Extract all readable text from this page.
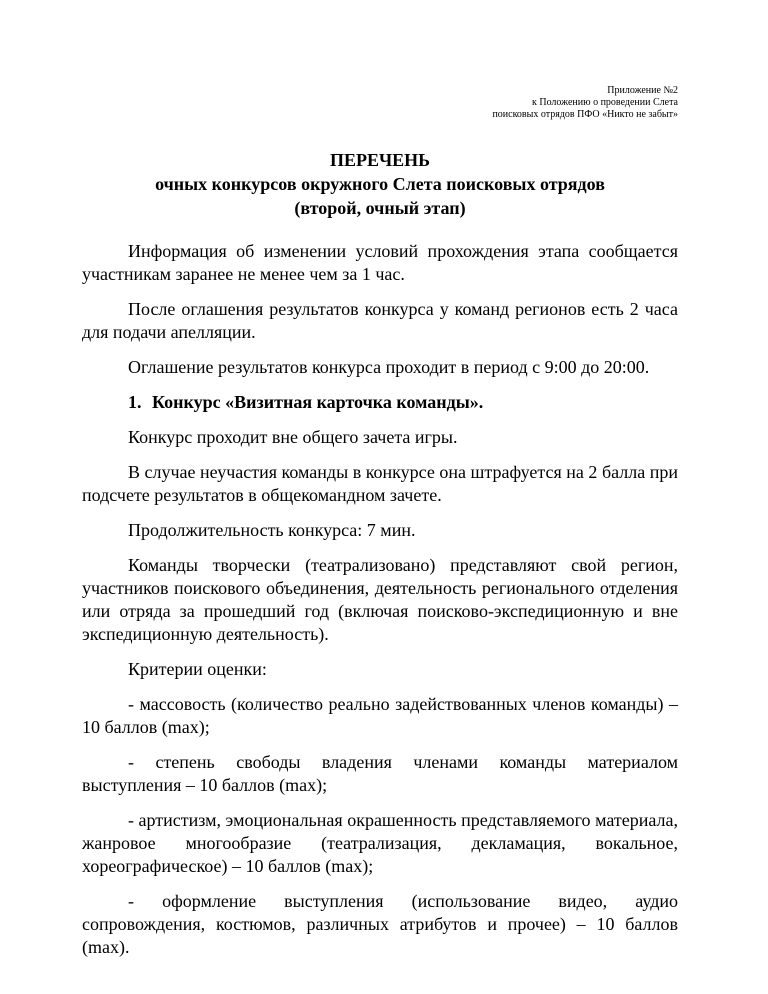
Приложение №2
к Положению о проведении Слета
поисковых отрядов ПФО «Никто не забыт»
ПЕРЕЧЕНЬ
очных конкурсов окружного Слета поисковых отрядов
(второй, очный этап)

Информация об изменении условий прохождения этапа сообщается участникам заранее не менее чем за 1 час.

После оглашения результатов конкурса у команд регионов есть 2 часа для подачи апелляции.

Оглашение результатов конкурса проходит в период с 9:00 до 20:00.

1. Конкурс «Визитная карточка команды».

Конкурс проходит вне общего зачета игры.

В случае неучастия команды в конкурсе она штрафуется на 2 балла при подсчете результатов в общекомандном зачете.

Продолжительность конкурса: 7 мин.

Команды творчески (театрализовано) представляют свой регион, участников поискового объединения, деятельность регионального отделения или отряда за прошедший год (включая поисково-экспедиционную и вне экспедиционную деятельность).

Критерии оценки:

- массовость (количество реально задействованных членов команды) – 10 баллов (max);

- степень свободы владения членами команды материалом выступления – 10 баллов (max);

- артистизм, эмоциональная окрашенность представляемого материала, жанровое многообразие (театрализация, декламация, вокальное, хореографическое) – 10 баллов (max);

- оформление выступления (использование видео, аудио сопровождения, костюмов, различных атрибутов и прочее) – 10 баллов (max).
